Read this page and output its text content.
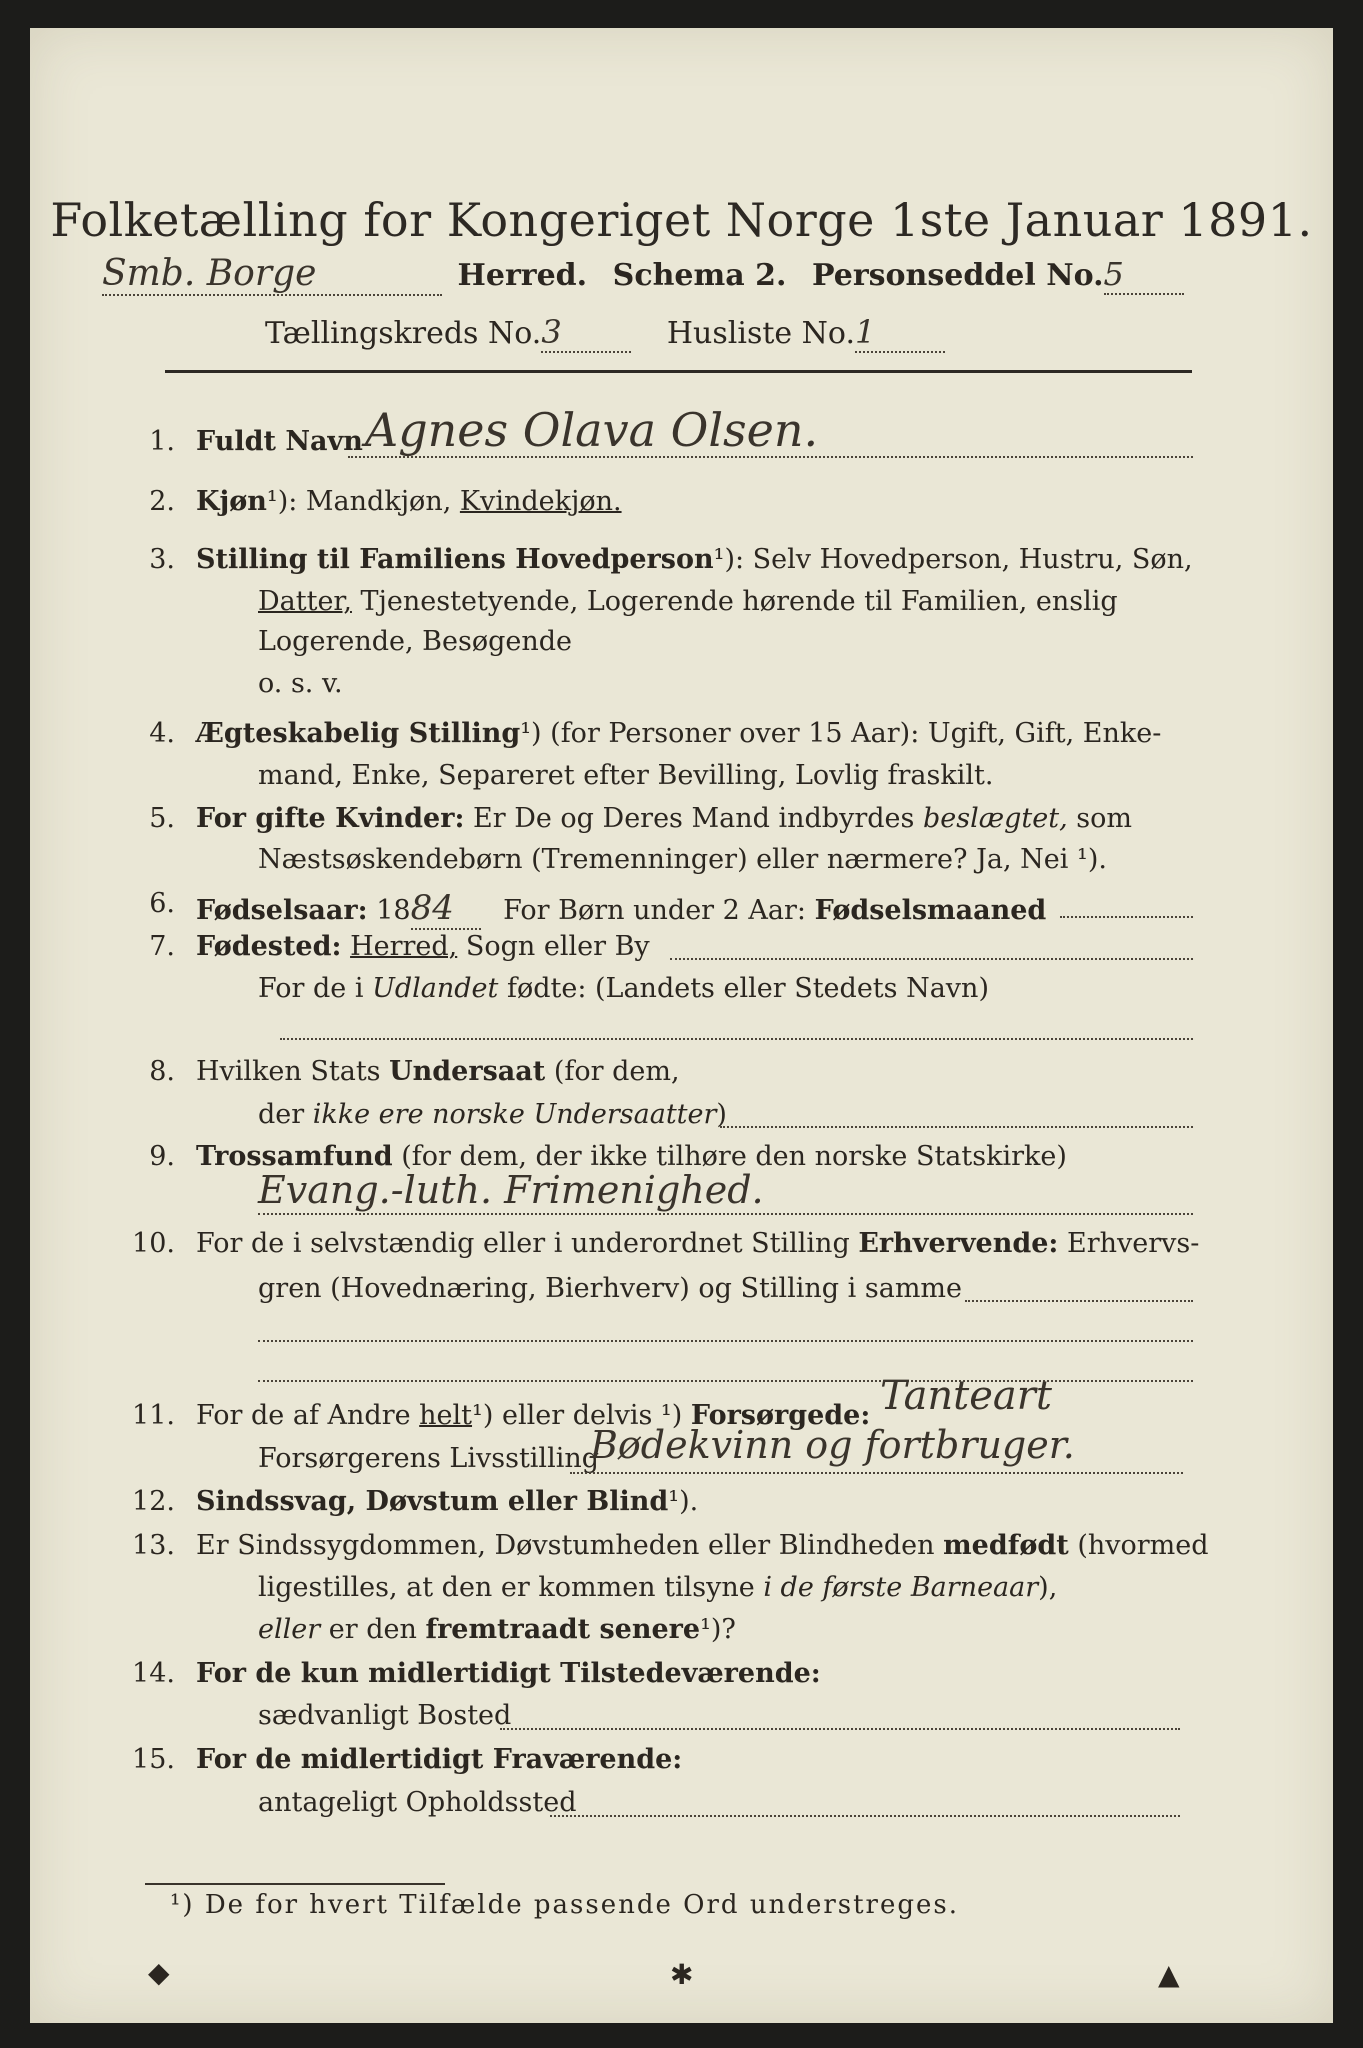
Folketælling for Kongeriget Norge 1ste Januar 1891.
Smb. Borge	Herred. Schema 2. Personseddel No.5
Tællingskreds No.3	Husliste No.1
1. Fuldt Navn Agnes Olava Olsen.
2. Kjøn¹): Mandkjøn, Kvindekjøn.
3. Stilling til Familiens Hovedperson¹): Selv Hovedperson, Hustru, Søn,
Datter, Tjenestetyende, Logerende hørende til Familien, enslig
Logerende, Besøgende
o. s. v.
4. Ægteskabelig Stilling¹) (for Personer over 15 Aar): Ugift, Gift, Enke-
mand, Enke, Separeret efter Bevilling, Lovlig fraskilt.
5. For gifte Kvinder: Er De og Deres Mand indbyrdes beslægtet, som
Næstsøskendebørn (Tremenninger) eller nærmere? Ja, Nei ¹).
6. Fødselsaar: 1884 For Børn under 2 Aar: Fødselsmaaned
7. Fødested: Herred, Sogn eller By
For de i Udlandet fødte: (Landets eller Stedets Navn)
8. Hvilken Stats Undersaat (for dem,
der ikke ere norske Undersaatter)
9. Trossamfund (for dem, der ikke tilhøre den norske Statskirke)
Evang.-luth. Frimenighed.
10. For de i selvstændig eller i underordnet Stilling Erhvervende: Erhvervs-
gren (Hovednæring, Bierhverv) og Stilling i samme
11. For de af Andre helt¹) eller delvis ¹) Forsørgede: Tanteart
Forsørgerens Livsstilling
Bødekvinn og fortbruger.
12. Sindssvag, Døvstum eller Blind¹).
13. Er Sindssygdommen, Døvstumheden eller Blindheden medfødt (hvormed
ligestilles, at den er kommen tilsyne i de første Barneaar),
eller er den fremtraadt senere¹)?
14. For de kun midlertidigt Tilstedeværende:
sædvanligt Bosted
15. For de midlertidigt Fraværende:
antageligt Opholdssted
¹) De for hvert Tilfælde passende Ord understreges.
◆	✱	▲
